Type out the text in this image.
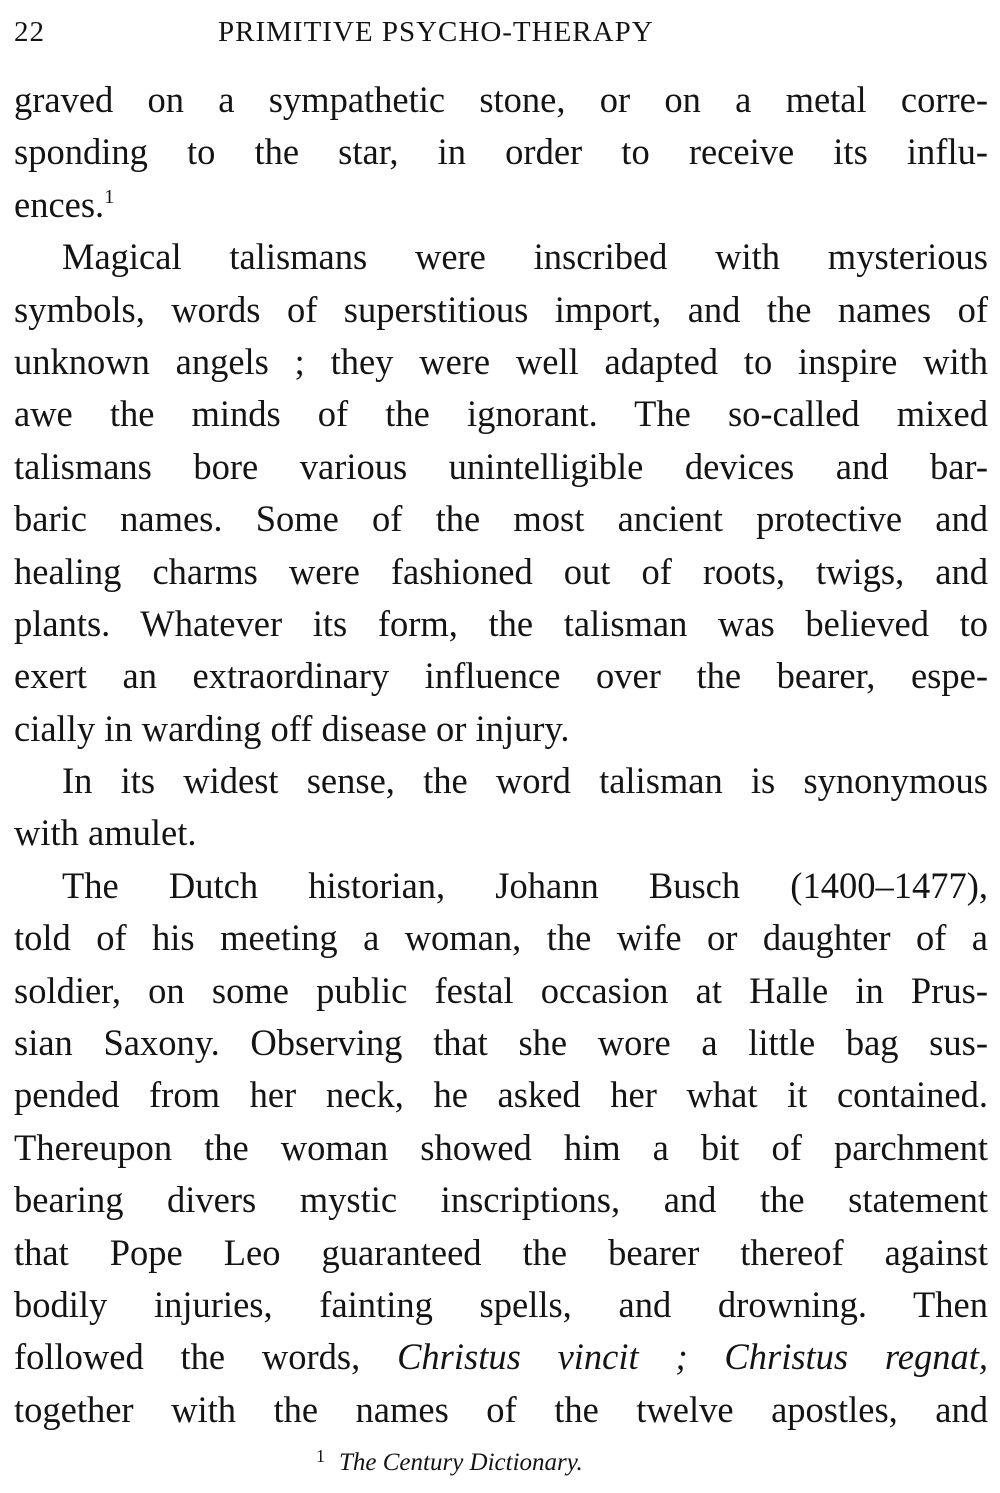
22	PRIMITIVE PSYCHO-THERAPY
graved on a sympathetic stone, or on a metal corre-
sponding to the star, in order to receive its influ-
ences.$^1$
Magical talismans were inscribed with mysterious
symbols, words of superstitious import, and the names of
unknown angels ; they were well adapted to inspire with
awe the minds of the ignorant. The so-called mixed
talismans bore various unintelligible devices and bar-
baric names. Some of the most ancient protective and
healing charms were fashioned out of roots, twigs, and
plants. Whatever its form, the talisman was believed to
exert an extraordinary influence over the bearer, espe-
cially in warding off disease or injury.
In its widest sense, the word talisman is synonymous
with amulet.
The Dutch historian, Johann Busch (1400–1477),
told of his meeting a woman, the wife or daughter of a
soldier, on some public festal occasion at Halle in Prus-
sian Saxony. Observing that she wore a little bag sus-
pended from her neck, he asked her what it contained.
Thereupon the woman showed him a bit of parchment
bearing divers mystic inscriptions, and the statement
that Pope Leo guaranteed the bearer thereof against
bodily injuries, fainting spells, and drowning. Then
followed the words, Christus vincit ; Christus regnat,
together with the names of the twelve apostles, and
$^1$ The Century Dictionary.
